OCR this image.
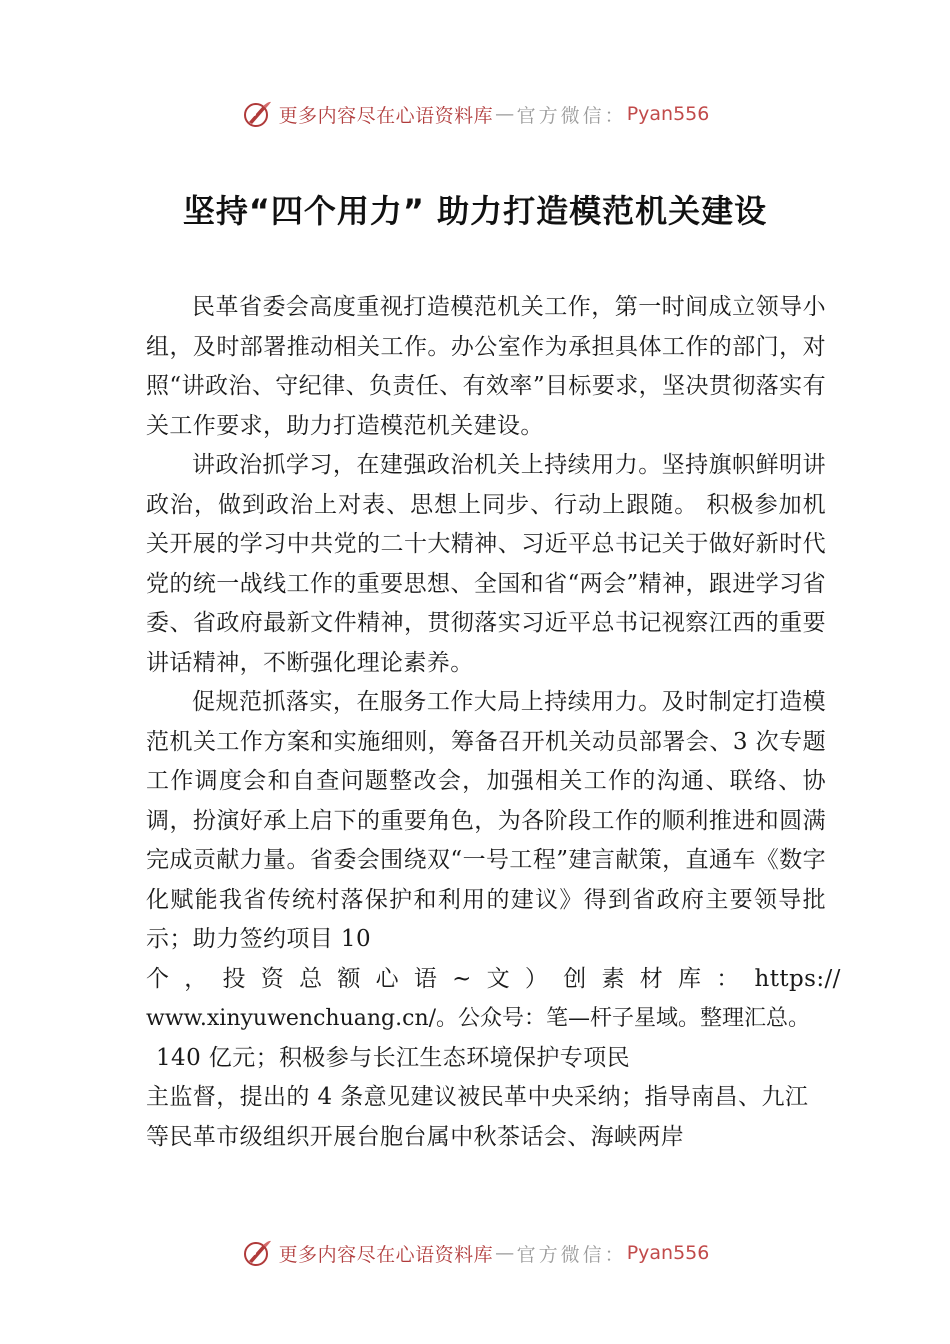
更多内容尽在心语资料库 — 官方微信： Pyan556
坚持“四个用力” 助力打造模范机关建设

民革省委会高度重视打造模范机关工作，第一时间成立领导小组，及时部署推动相关工作。办公室作为承担具体工作的部门，对照“讲政治、守纪律、负责任、有效率”目标要求，坚决贯彻落实有关工作要求，助力打造模范机关建设。

讲政治抓学习，在建强政治机关上持续用力。坚持旗帜鲜明讲政治，做到政治上对表、思想上同步、行动上跟随。 积极参加机关开展的学习中共党的二十大精神、习近平总书记关于做好新时代党的统一战线工作的重要思想、全国和省“两会”精神，跟进学习省委、省政府最新文件精神，贯彻落实习近平总书记视察江西的重要讲话精神，不断强化理论素养。

促规范抓落实，在服务工作大局上持续用力。及时制定打造模范机关工作方案和实施细则，筹备召开机关动员部署会、3 次专题工作调度会和自查问题整改会，加强相关工作的沟通、联络、协调，扮演好承上启下的重要角色，为各阶段工作的顺利推进和圆满完成贡献力量。省委会围绕双“一号工程”建言献策，直通车《数字化赋能我省传统村落保护和利用的建议》得到省政府主要领导批示；助力签约项目 10

个 ， 投 资 总 额 心 语 ~ 文 ） 创 素 材 库 ： https://

www.xinyuwenchuang.cn/。公众号：笔—杆子星域。整理汇总。

140 亿元；积极参与长江生态环境保护专项民

主监督，提出的 4 条意见建议被民革中央采纳；指导南昌、九江等民革市级组织开展台胞台属中秋茶话会、海峡两岸

更多内容尽在心语资料库 — 官方微信： Pyan556
